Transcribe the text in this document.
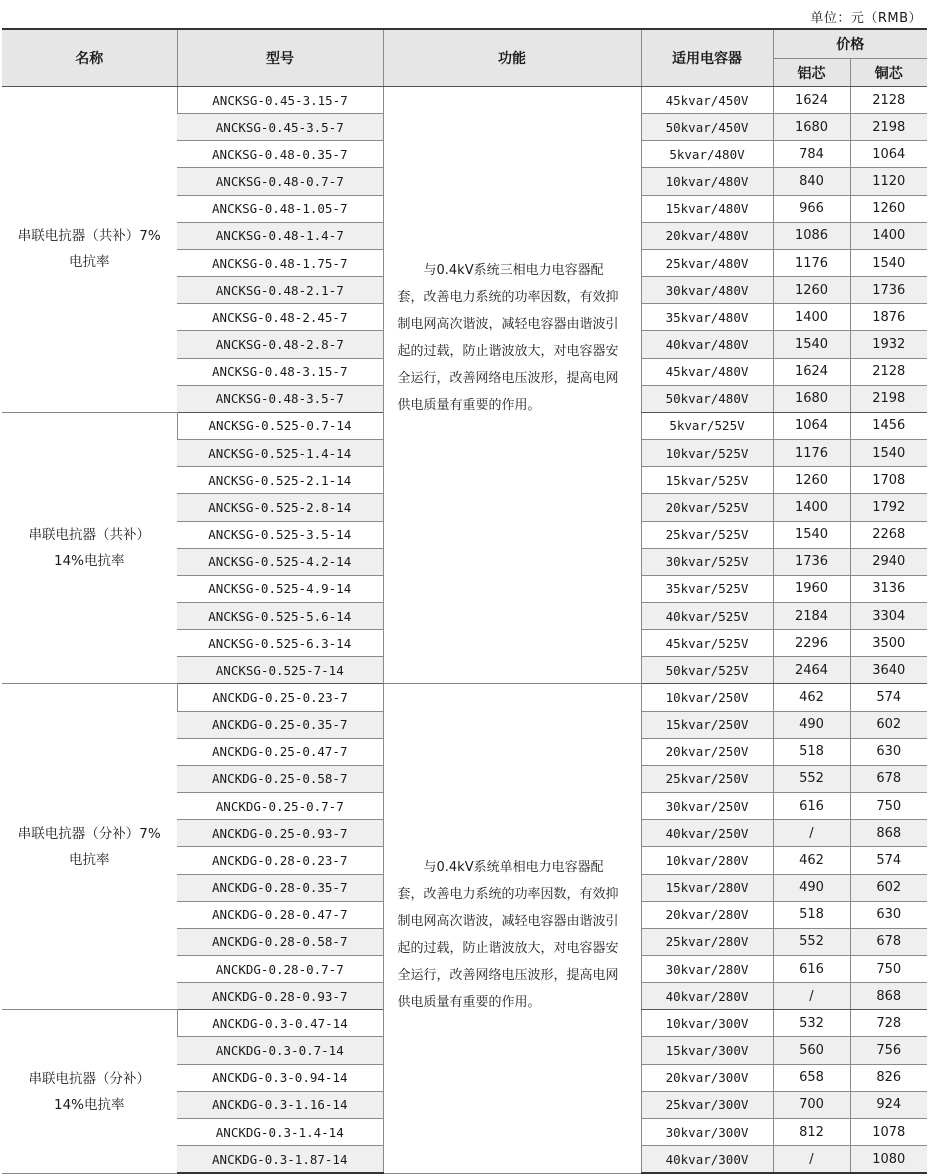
单位：元（RMB）
名称	型号	功能	适用电容器	价格	
				铝芯	铜芯

串联电抗器（共补）7%
电抗率	ANCKSG-0.45-3.15-7	与0.4kV系统三相电力电容器配套，改善电力系统的功率因数，有效抑制电网高次谐波，减轻电容器由谐波引起的过载，防止谐波放大，对电容器安全运行，改善网络电压波形，提高电网供电质量有重要的作用。	45kvar/450V	1624	2128
	ANCKSG-0.45-3.5-7		50kvar/450V	1680	2198
	ANCKSG-0.48-0.35-7		5kvar/480V	784	1064
	ANCKSG-0.48-0.7-7		10kvar/480V	840	1120
	ANCKSG-0.48-1.05-7		15kvar/480V	966	1260
	ANCKSG-0.48-1.4-7		20kvar/480V	1086	1400
	ANCKSG-0.48-1.75-7		25kvar/480V	1176	1540
	ANCKSG-0.48-2.1-7		30kvar/480V	1260	1736
	ANCKSG-0.48-2.45-7		35kvar/480V	1400	1876
	ANCKSG-0.48-2.8-7		40kvar/480V	1540	1932
	ANCKSG-0.48-3.15-7		45kvar/480V	1624	2128
	ANCKSG-0.48-3.5-7		50kvar/480V	1680	2198

串联电抗器（共补）
14%电抗率	ANCKSG-0.525-0.7-14		5kvar/525V	1064	1456
	ANCKSG-0.525-1.4-14		10kvar/525V	1176	1540
	ANCKSG-0.525-2.1-14		15kvar/525V	1260	1708
	ANCKSG-0.525-2.8-14		20kvar/525V	1400	1792
	ANCKSG-0.525-3.5-14		25kvar/525V	1540	2268
	ANCKSG-0.525-4.2-14		30kvar/525V	1736	2940
	ANCKSG-0.525-4.9-14		35kvar/525V	1960	3136
	ANCKSG-0.525-5.6-14		40kvar/525V	2184	3304
	ANCKSG-0.525-6.3-14		45kvar/525V	2296	3500
	ANCKSG-0.525-7-14		50kvar/525V	2464	3640

串联电抗器（分补）7%
电抗率	ANCKDG-0.25-0.23-7	与0.4kV系统单相电力电容器配套，改善电力系统的功率因数，有效抑制电网高次谐波，减轻电容器由谐波引起的过载，防止谐波放大，对电容器安全运行，改善网络电压波形，提高电网供电质量有重要的作用。	10kvar/250V	462	574
	ANCKDG-0.25-0.35-7		15kvar/250V	490	602
	ANCKDG-0.25-0.47-7		20kvar/250V	518	630
	ANCKDG-0.25-0.58-7		25kvar/250V	552	678
	ANCKDG-0.25-0.7-7		30kvar/250V	616	750
	ANCKDG-0.25-0.93-7		40kvar/250V	/	868
	ANCKDG-0.28-0.23-7		10kvar/280V	462	574
	ANCKDG-0.28-0.35-7		15kvar/280V	490	602
	ANCKDG-0.28-0.47-7		20kvar/280V	518	630
	ANCKDG-0.28-0.58-7		25kvar/280V	552	678
	ANCKDG-0.28-0.7-7		30kvar/280V	616	750
	ANCKDG-0.28-0.93-7		40kvar/280V	/	868

串联电抗器（分补）
14%电抗率	ANCKDG-0.3-0.47-14		10kvar/300V	532	728
	ANCKDG-0.3-0.7-14		15kvar/300V	560	756
	ANCKDG-0.3-0.94-14		20kvar/300V	658	826
	ANCKDG-0.3-1.16-14		25kvar/300V	700	924
	ANCKDG-0.3-1.4-14		30kvar/300V	812	1078
	ANCKDG-0.3-1.87-14		40kvar/300V	/	1080
